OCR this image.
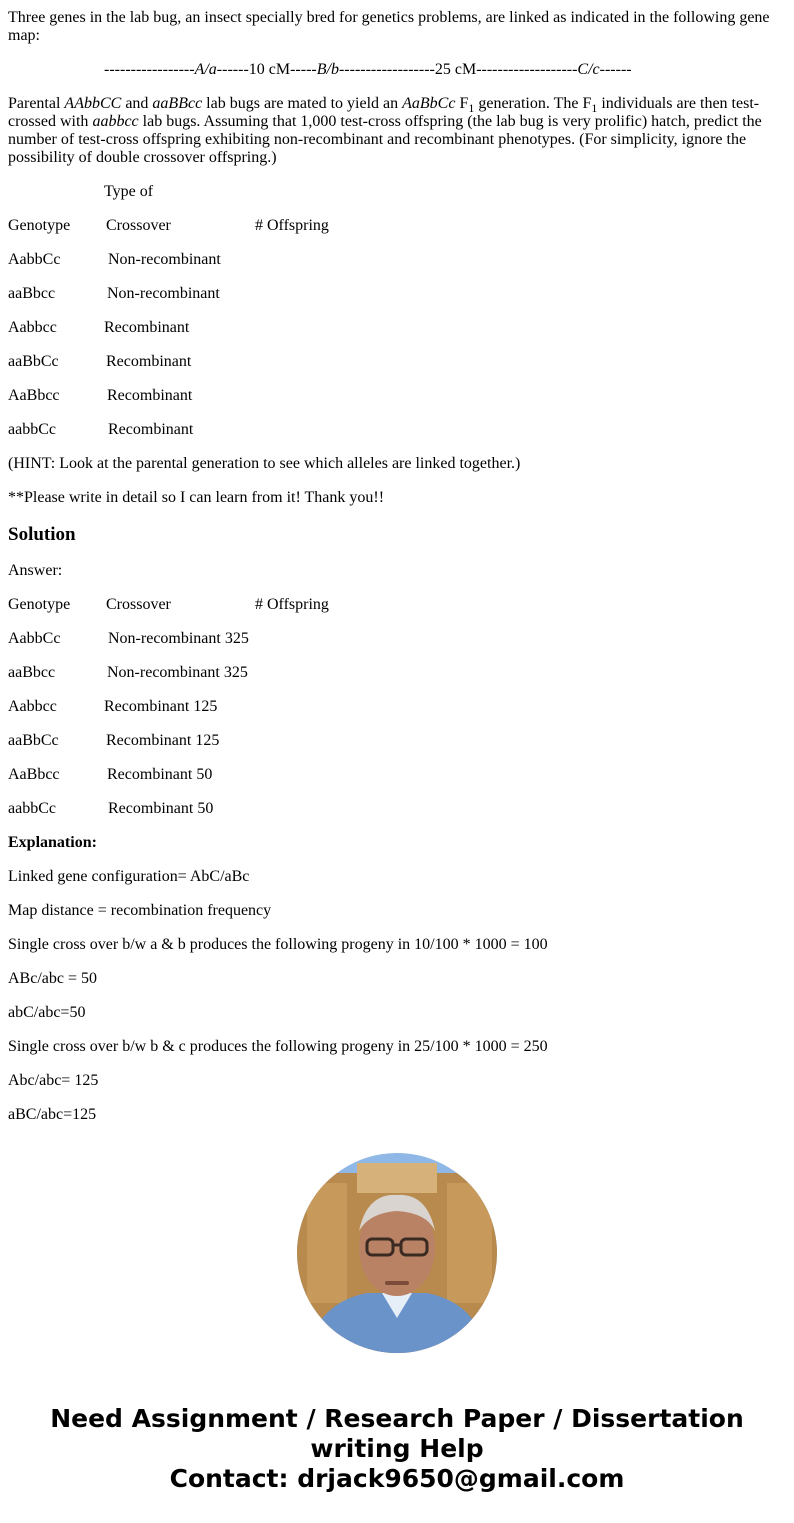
Three genes in the lab bug, an insect specially bred for genetics problems, are linked as indicated in the following gene map:

-----------------A/a------10 cM-----B/b------------------25 cM-------------------C/c------

Parental AAbbCC and aaBBcc lab bugs are mated to yield an AaBbCc $F_1$ generation. The $F_1$ individuals are then test-crossed with aabbcc lab bugs. Assuming that 1,000 test-cross offspring (the lab bug is very prolific) hatch, predict the number of test-cross offspring exhibiting non-recombinant and recombinant phenotypes. (For simplicity, ignore the possibility of double crossover offspring.)

Type of

Genotype Crossover	# Offspring
AabbCc	Non-recombinant
aaBbcc	Non-recombinant
Aabbcc	Recombinant
aaBbCc	Recombinant
AaBbcc	Recombinant
aabbCc	Recombinant

(HINT: Look at the parental generation to see which alleles are linked together.)

**Please write in detail so I can learn from it! Thank you!!

Solution

Answer:

Genotype Crossover	# Offspring
AabbCc	Non-recombinant 325
aaBbcc	Non-recombinant 325
Aabbcc	Recombinant 125
aaBbCc	Recombinant 125
AaBbcc	Recombinant 50
aabbCc	Recombinant 50

Explanation:

Linked gene configuration= AbC/aBc

Map distance = recombination frequency

Single cross over b/w a & b produces the following progeny in 10/100 * 1000 = 100

ABc/abc = 50

abC/abc=50

Single cross over b/w b & c produces the following progeny in 25/100 * 1000 = 250

Abc/abc= 125

aBC/abc=125

Need Assignment / Research Paper / Dissertation
writing Help
Contact: drjack9650@gmail.com
